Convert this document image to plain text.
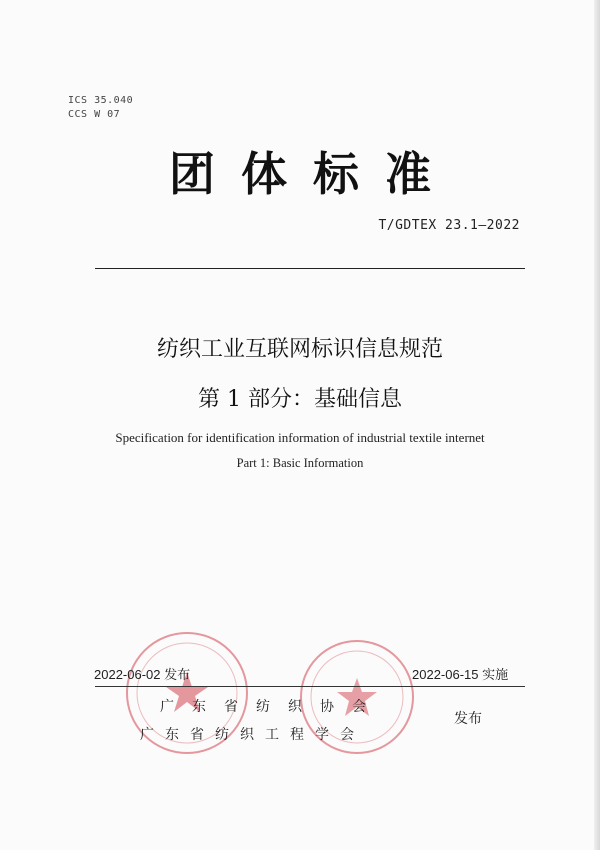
ICS 35.040
CCS W 07
团体标准
T/GDTEX 23.1—2022
纺织工业互联网标识信息规范
第 1 部分：基础信息
Specification for identification information of industrial textile internet
Part 1: Basic Information
2022-06-02 发布	2022-06-15 实施
广东省纺织协会
广东省纺织工程学会
发布
